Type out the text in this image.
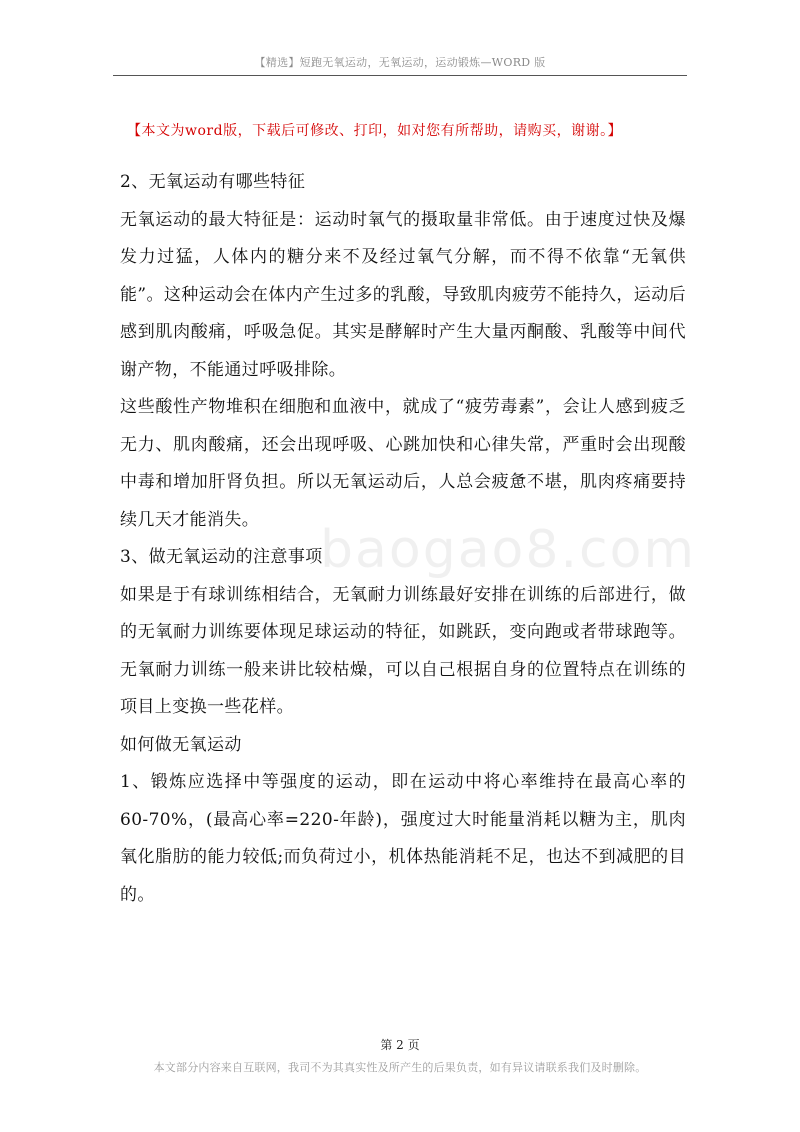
【精选】短跑无氧运动，无氧运动，运动锻炼—WORD 版
【本文为word版，下载后可修改、打印，如对您有所帮助，请购买，谢谢。】

2、无氧运动有哪些特征

无氧运动的最大特征是：运动时氧气的摄取量非常低。由于速度过快及爆发力过猛，人体内的糖分来不及经过氧气分解，而不得不依靠“无氧供能”。这种运动会在体内产生过多的乳酸，导致肌肉疲劳不能持久，运动后感到肌肉酸痛，呼吸急促。其实是酵解时产生大量丙酮酸、乳酸等中间代谢产物，不能通过呼吸排除。

这些酸性产物堆积在细胞和血液中，就成了“疲劳毒素”，会让人感到疲乏无力、肌肉酸痛，还会出现呼吸、心跳加快和心律失常，严重时会出现酸中毒和增加肝肾负担。所以无氧运动后，人总会疲惫不堪，肌肉疼痛要持续几天才能消失。

3、做无氧运动的注意事项

如果是于有球训练相结合，无氧耐力训练最好安排在训练的后部进行，做的无氧耐力训练要体现足球运动的特征，如跳跃，变向跑或者带球跑等。无氧耐力训练一般来讲比较枯燥，可以自己根据自身的位置特点在训练的项目上变换一些花样。

如何做无氧运动

1、锻炼应选择中等强度的运动，即在运动中将心率维持在最高心率的 60-70%，(最高心率=220-年龄)，强度过大时能量消耗以糖为主，肌肉氧化脂肪的能力较低;而负荷过小，机体热能消耗不足，也达不到减肥的目的。

baogao8.com
第 2 页
本文部分内容来自互联网，我司不为其真实性及所产生的后果负责，如有异议请联系我们及时删除。
